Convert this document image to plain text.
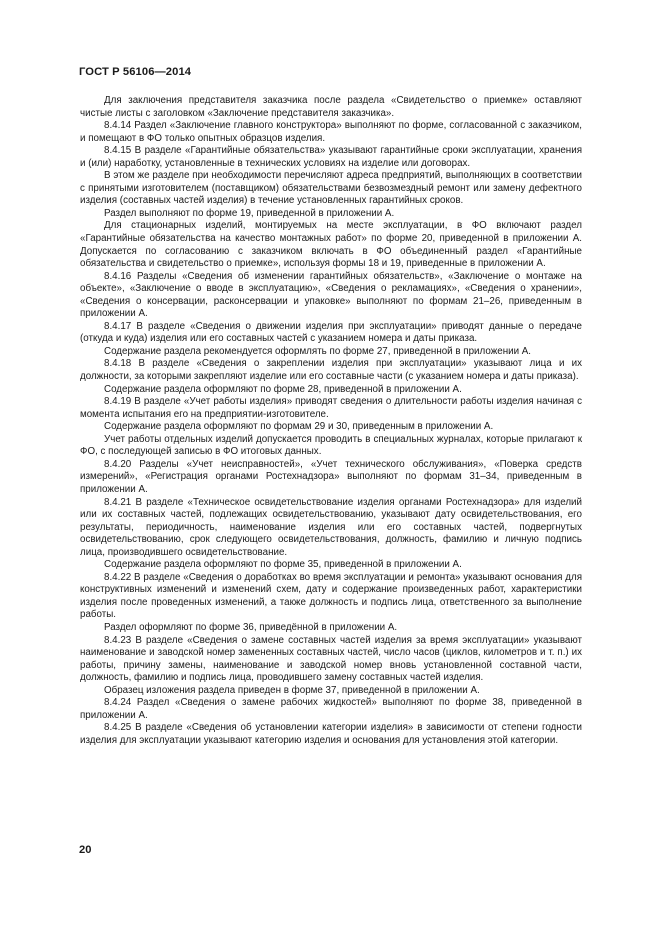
ГОСТ Р 56106—2014

Для заключения представителя заказчика после раздела «Свидетельство о приемке» оставляют чистые листы с заголовком «Заключение представителя заказчика».

8.4.14 Раздел «Заключение главного конструктора» выполняют по форме, согласованной с заказчиком, и помещают в ФО только опытных образцов изделия.

8.4.15 В разделе «Гарантийные обязательства» указывают гарантийные сроки эксплуатации, хранения и (или) наработку, установленные в технических условиях на изделие или договорах.

В этом же разделе при необходимости перечисляют адреса предприятий, выполняющих в соответствии с принятыми изготовителем (поставщиком) обязательствами безвозмездный ремонт или замену дефектного изделия (составных частей изделия) в течение установленных гарантийных сроков.

Раздел выполняют по форме 19, приведенной в приложении А.

Для стационарных изделий, монтируемых на месте эксплуатации, в ФО включают раздел «Гарантийные обязательства на качество монтажных работ» по форме 20, приведенной в приложении А. Допускается по согласованию с заказчиком включать в ФО объединенный раздел «Гарантийные обязательства и свидетельство о приемке», используя формы 18 и 19, приведенные в приложении А.

8.4.16 Разделы «Сведения об изменении гарантийных обязательств», «Заключение о монтаже на объекте», «Заключение о вводе в эксплуатацию», «Сведения о рекламациях», «Сведения о хранении», «Сведения о консервации, расконсервации и упаковке» выполняют по формам 21–26, приведенным в приложении А.

8.4.17 В разделе «Сведения о движении изделия при эксплуатации» приводят данные о передаче (откуда и куда) изделия или его составных частей с указанием номера и даты приказа.

Содержание раздела рекомендуется оформлять по форме 27, приведенной в приложении А.

8.4.18 В разделе «Сведения о закреплении изделия при эксплуатации» указывают лица и их должности, за которыми закрепляют изделие или его составные части (с указанием номера и даты приказа).

Содержание раздела оформляют по форме 28, приведенной в приложении А.

8.4.19 В разделе «Учет работы изделия» приводят сведения о длительности работы изделия начиная с момента испытания его на предприятии-изготовителе.

Содержание раздела оформляют по формам 29 и 30, приведенным в приложении А.

Учет работы отдельных изделий допускается проводить в специальных журналах, которые прилагают к ФО, с последующей записью в ФО итоговых данных.

8.4.20 Разделы «Учет неисправностей», «Учет технического обслуживания», «Поверка средств измерений», «Регистрация органами Ростехнадзора» выполняют по формам 31–34, приведенным в приложении А.

8.4.21 В разделе «Техническое освидетельствование изделия органами Ростехнадзора» для изделий или их составных частей, подлежащих освидетельствованию, указывают дату освидетельствования, его результаты, периодичность, наименование изделия или его составных частей, подвергнутых освидетельствованию, срок следующего освидетельствования, должность, фамилию и личную подпись лица, производившего освидетельствование.

Содержание раздела оформляют по форме 35, приведенной в приложении А.

8.4.22 В разделе «Сведения о доработках во время эксплуатации и ремонта» указывают основания для конструктивных изменений и изменений схем, дату и содержание произведенных работ, характеристики изделия после проведенных изменений, а также должность и подпись лица, ответственного за выполнение работы.

Раздел оформляют по форме 36, приведённой в приложении А.

8.4.23 В разделе «Сведения о замене составных частей изделия за время эксплуатации» указывают наименование и заводской номер замененных составных частей, число часов (циклов, километров и т. п.) их работы, причину замены, наименование и заводской номер вновь установленной составной части, должность, фамилию и подпись лица, проводившего замену составных частей изделия.

Образец изложения раздела приведен в форме 37, приведенной в приложении А.

8.4.24 Раздел «Сведения о замене рабочих жидкостей» выполняют по форме 38, приведенной в приложении А.

8.4.25 В разделе «Сведения об установлении категории изделия» в зависимости от степени годности изделия для эксплуатации указывают категорию изделия и основания для установления этой категории.

20
